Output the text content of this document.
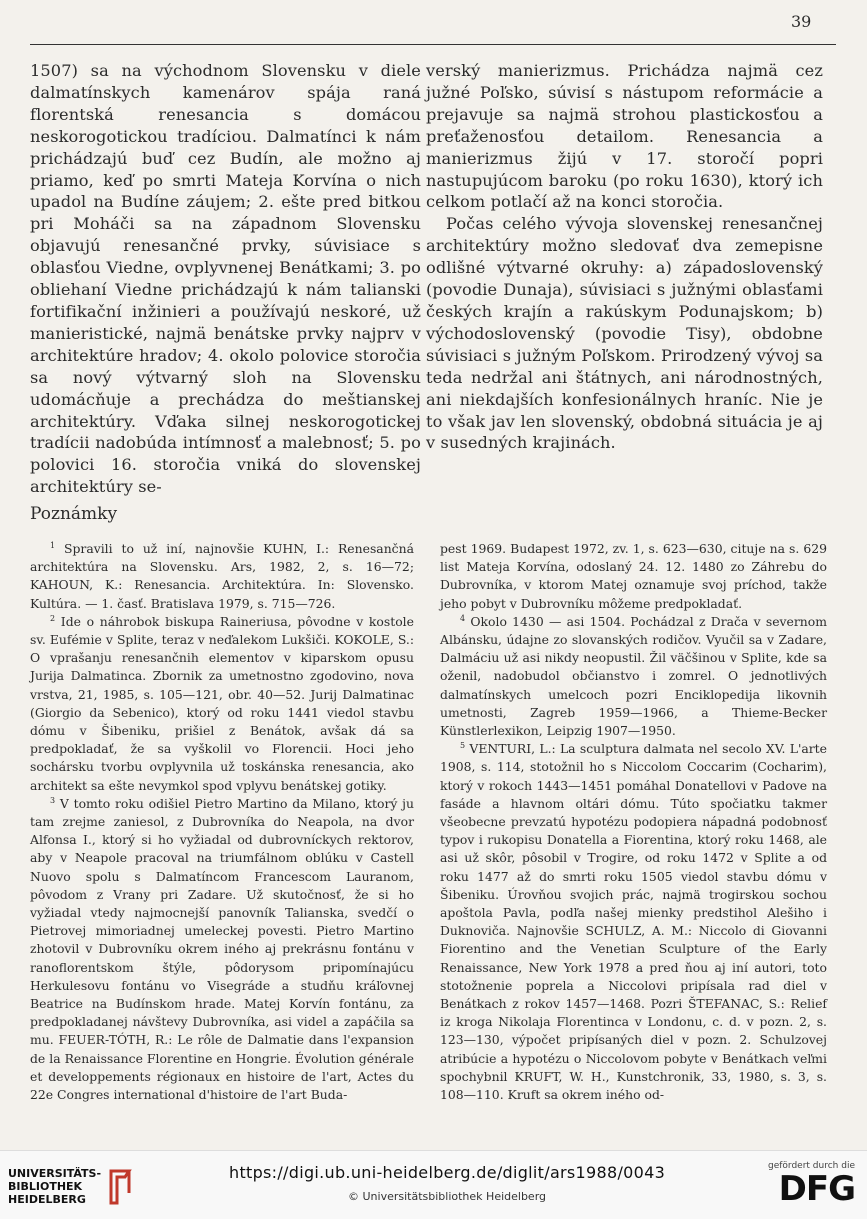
39

1507) sa na východnom Slovensku v diele dalmatínskych kamenárov spája raná florentská renesancia s domácou neskorogotickou tradíciou. Dalmatínci k nám prichádzajú buď cez Budín, ale možno aj priamo, keď po smrti Mateja Korvína o nich upadol na Budíne záujem; 2. ešte pred bitkou pri Moháči sa na západnom Slovensku objavujú renesančné prvky, súvisiace s oblasťou Viedne, ovplyvnenej Benátkami; 3. po obliehaní Viedne prichádzajú k nám talianski fortifikační inžinieri a používajú neskoré, už manieristické, najmä benátske prvky najprv v architektúre hradov; 4. okolo polovice storočia sa nový výtvarný sloh na Slovensku udomácňuje a prechádza do meštianskej architektúry. Vďaka silnej neskorogotickej tradícii nadobúda intímnosť a malebnosť; 5. po polovici 16. storočia vniká do slovenskej architektúry se-

verský manierizmus. Prichádza najmä cez južné Poľsko, súvisí s nástupom reformácie a prejavuje sa najmä strohou plastickosťou a preťaženosťou detailom. Renesancia a manierizmus žijú v 17. storočí popri nastupujúcom baroku (po roku 1630), ktorý ich celkom potlačí až na konci storočia.

Počas celého vývoja slovenskej renesančnej architektúry možno sledovať dva zemepisne odlišné výtvarné okruhy: a) západoslovenský (povodie Dunaja), súvisiaci s južnými oblasťami českých krajín a rakúskym Podunajskom; b) východoslovenský (povodie Tisy), obdobne súvisiaci s južným Poľskom. Prirodzený vývoj sa teda nedržal ani štátnych, ani národnostných, ani niekdajších konfesionálnych hraníc. Nie je to však jav len slovenský, obdobná situácia je aj v susedných krajinách.

Poznámky

$^1$ Spravili to už iní, najnovšie KUHN, I.: Renesančná architektúra na Slovensku. Ars, 1982, 2, s. 16—72; KAHOUN, K.: Renesancia. Architektúra. In: Slovensko. Kultúra. — 1. časť. Bratislava 1979, s. 715—726.

$^2$ Ide o náhrobok biskupa Raineriusa, pôvodne v kostole sv. Eufémie v Splite, teraz v neďalekom Lukšiči. KOKOLE, S.: O vprašanju renesančnih elementov v kiparskom opusu Jurija Dalmatinca. Zbornik za umetnostno zgodovino, nova vrstva, 21, 1985, s. 105—121, obr. 40—52. Jurij Dalmatinac (Giorgio da Sebenico), ktorý od roku 1441 viedol stavbu dómu v Šibeniku, prišiel z Benátok, avšak dá sa predpokladať, že sa vyškolil vo Florencii. Hoci jeho sochársku tvorbu ovplyvnila už toskánska renesancia, ako architekt sa ešte nevymkol spod vplyvu benátskej gotiky.

$^3$ V tomto roku odišiel Pietro Martino da Milano, ktorý ju tam zrejme zaniesol, z Dubrovníka do Neapola, na dvor Alfonsa I., ktorý si ho vyžiadal od dubrovníckych rektorov, aby v Neapole pracoval na triumfálnom oblúku v Castell Nuovo spolu s Dalmatíncom Francescom Lauranom, pôvodom z Vrany pri Zadare. Už skutočnosť, že si ho vyžiadal vtedy najmocnejší panovník Talianska, svedčí o Pietrovej mimoriadnej umeleckej povesti. Pietro Martino zhotovil v Dubrovníku okrem iného aj prekrásnu fontánu v ranoflorentskom štýle, pôdorysom pripomínajúcu Herkulesovu fontánu vo Visegráde a studňu kráľovnej Beatrice na Budínskom hrade. Matej Korvín fontánu, za predpokladanej návštevy Dubrovníka, asi videl a zapáčila sa mu. FEUER-TÓTH, R.: Le rôle de Dalmatie dans l'expansion de la Renaissance Florentine en Hongrie. Évolution générale et developpements régionaux en histoire de l'art, Actes du 22e Congres international d'histoire de l'art Buda-

pest 1969. Budapest 1972, zv. 1, s. 623—630, cituje na s. 629 list Mateja Korvína, odoslaný 24. 12. 1480 zo Záhrebu do Dubrovníka, v ktorom Matej oznamuje svoj príchod, takže jeho pobyt v Dubrovníku môžeme predpokladať.

$^4$ Okolo 1430 — asi 1504. Pochádzal z Drača v severnom Albánsku, údajne zo slovanských rodičov. Vyučil sa v Zadare, Dalmáciu už asi nikdy neopustil. Žil väčšinou v Splite, kde sa oženil, nadobudol občianstvo i zomrel. O jednotlivých dalmatínskych umelcoch pozri Enciklopedija likovnih umetnosti, Zagreb 1959—1966, a Thieme-Becker Künstlerlexikon, Leipzig 1907—1950.

$^5$ VENTURI, L.: La sculptura dalmata nel secolo XV. L'arte 1908, s. 114, stotožnil ho s Niccolom Coccarim (Cocharim), ktorý v rokoch 1443—1451 pomáhal Donatellovi v Padove na fasáde a hlavnom oltári dómu. Túto spočiatku takmer všeobecne prevzatú hypotézu podopiera nápadná podobnosť typov i rukopisu Donatella a Fiorentina, ktorý roku 1468, ale asi už skôr, pôsobil v Trogire, od roku 1472 v Splite a od roku 1477 až do smrti roku 1505 viedol stavbu dómu v Šibeniku. Úrovňou svojich prác, najmä trogirskou sochou apoštola Pavla, podľa našej mienky predstihol Alešiho i Duknoviča. Najnovšie SCHULZ, A. M.: Niccolo di Giovanni Fiorentino and the Venetian Sculpture of the Early Renaissance, New York 1978 a pred ňou aj iní autori, toto stotožnenie poprela a Niccolovi pripísala rad diel v Benátkach z rokov 1457—1468. Pozri ŠTEFANAC, S.: Relief iz kroga Nikolaja Florentinca v Londonu, c. d. v pozn. 2, s. 123—130, výpočet pripísaných diel v pozn. 2. Schulzovej atribúcie a hypotézu o Niccolovom pobyte v Benátkach veľmi spochybnil KRUFT, W. H., Kunstchronik, 33, 1980, s. 3, s. 108—110. Kruft sa okrem iného od-

UNIVERSITÄTS-
BIBLIOTHEK
HEIDELBERG
https://digi.ub.uni-heidelberg.de/diglit/ars1988/0043
© Universitätsbibliothek Heidelberg
gefördert durch die
DFG
